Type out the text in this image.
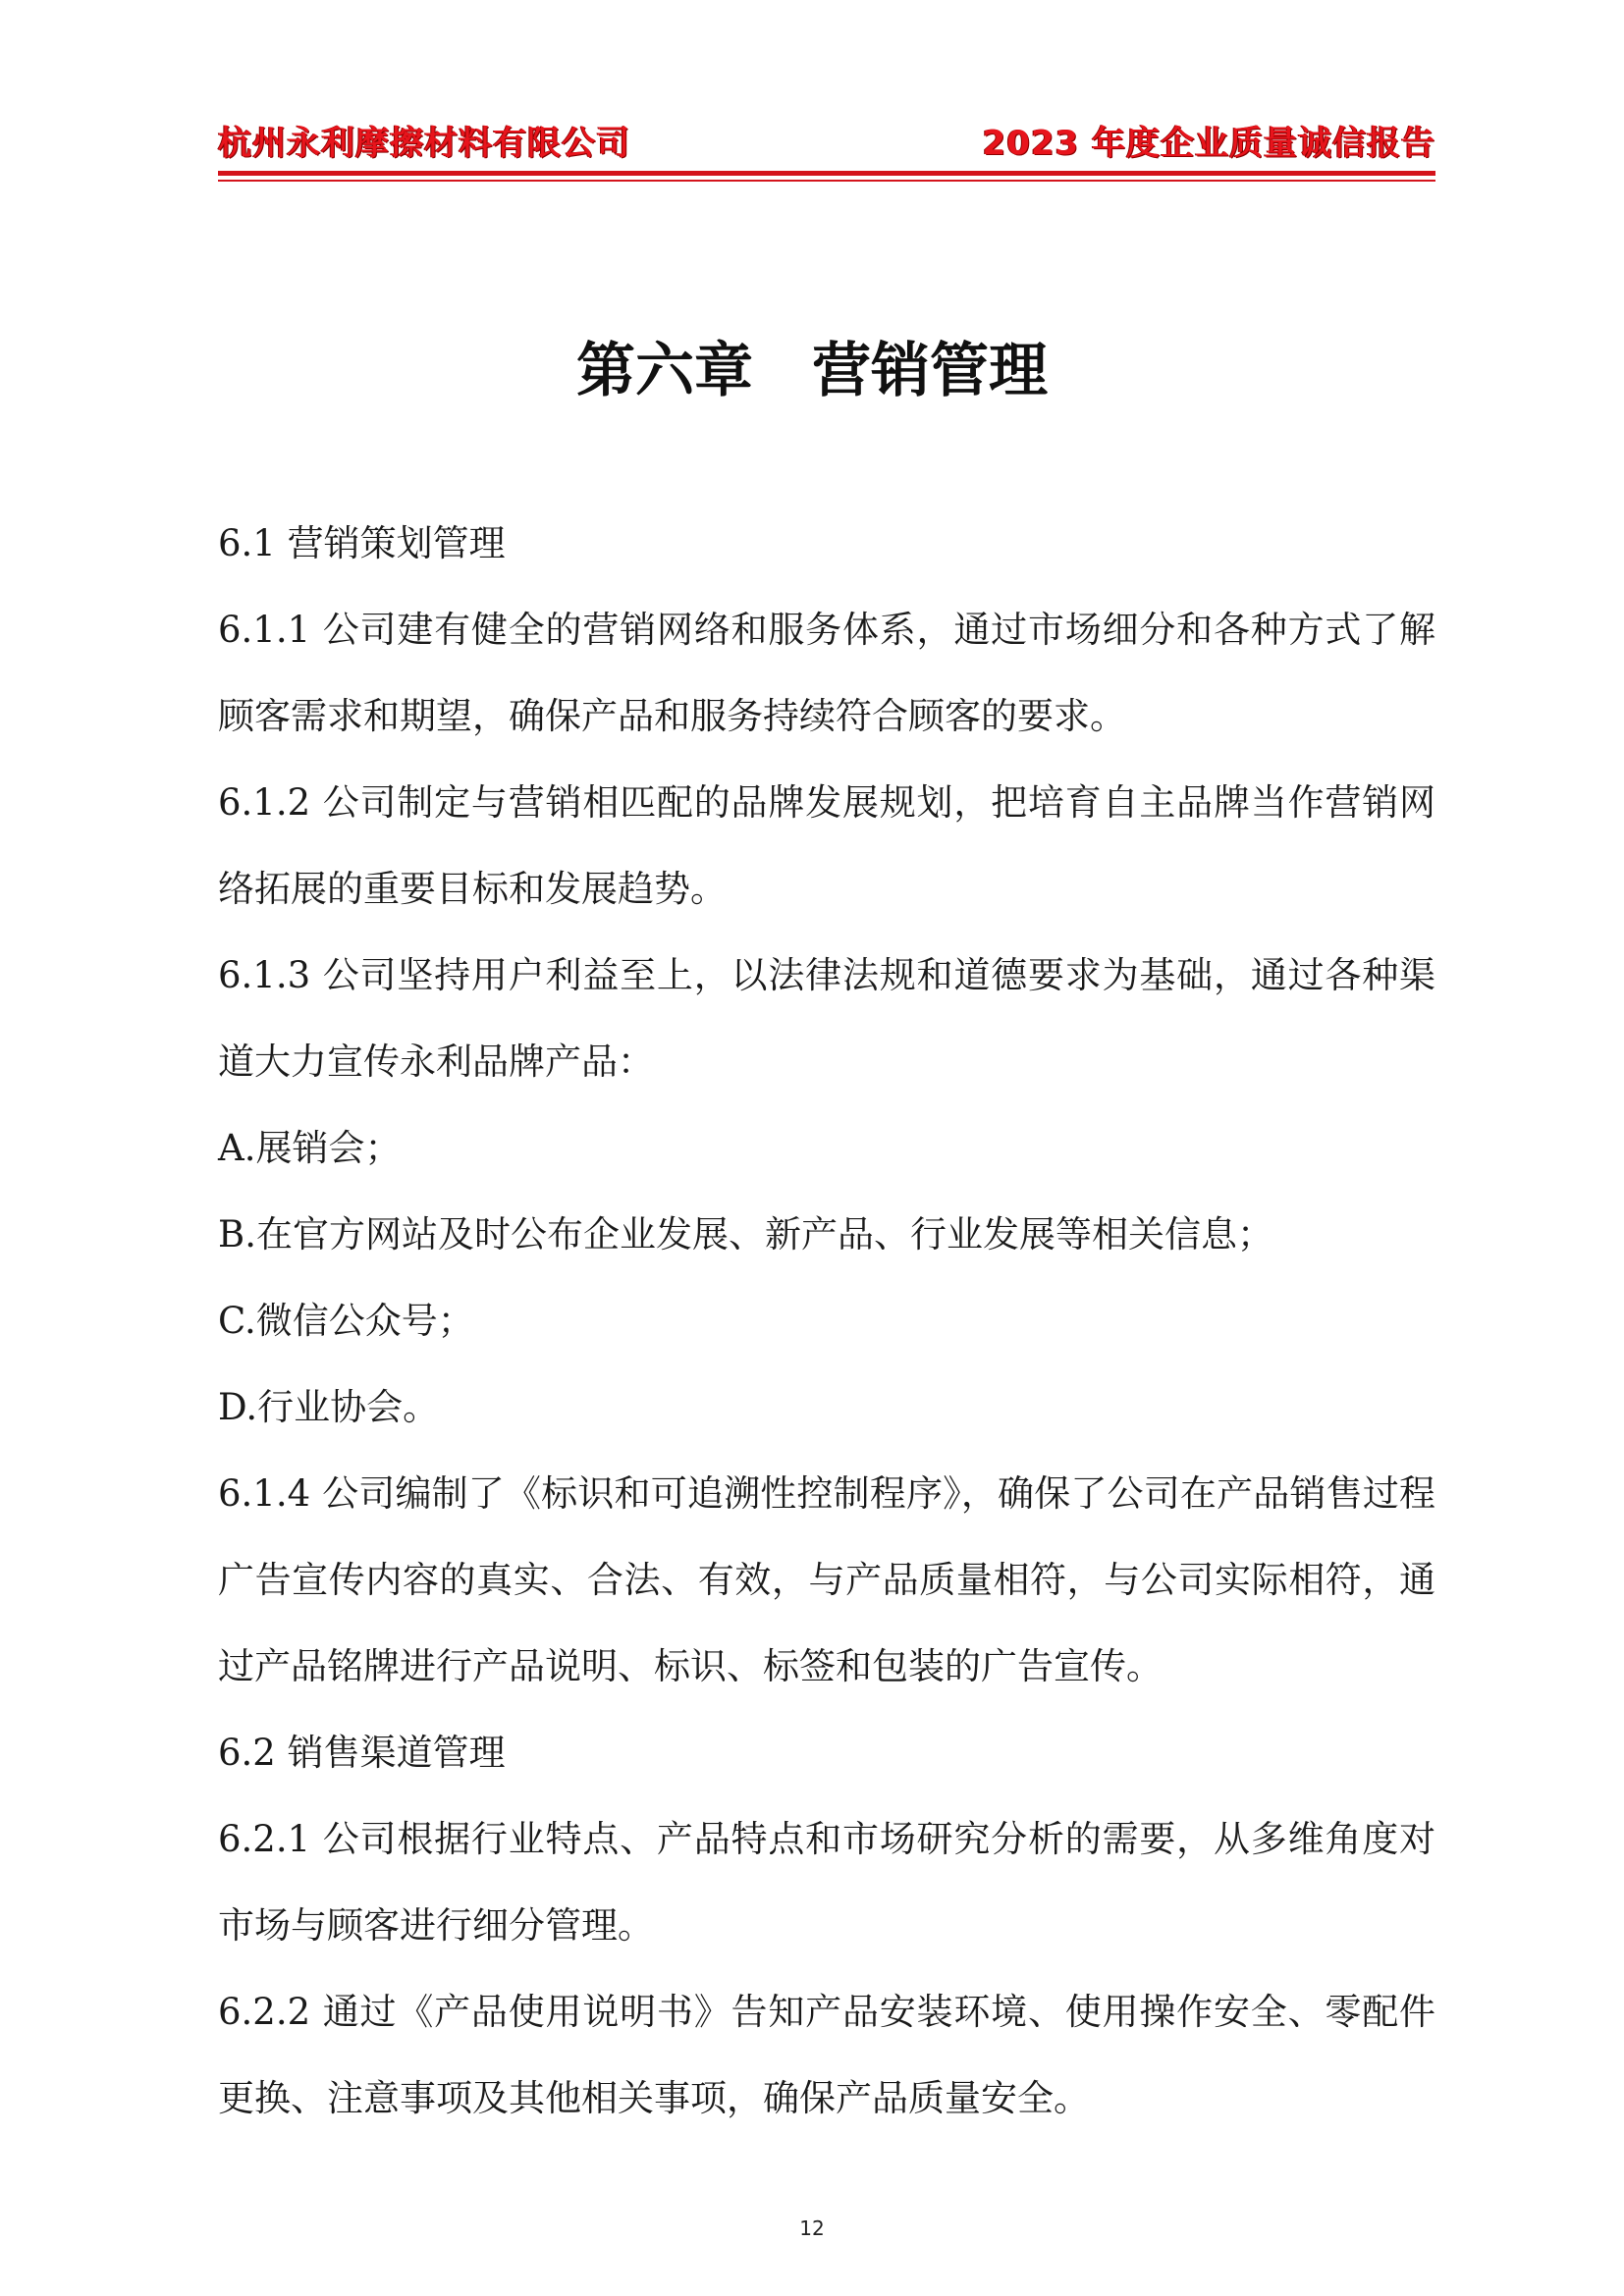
杭州永利摩擦材料有限公司	2023 年度企业质量诚信报告
第六章　营销管理

6.1 营销策划管理

6.1.1 公司建有健全的营销网络和服务体系，通过市场细分和各种方式了解顾客需求和期望，确保产品和服务持续符合顾客的要求。

6.1.2 公司制定与营销相匹配的品牌发展规划，把培育自主品牌当作营销网络拓展的重要目标和发展趋势。

6.1.3 公司坚持用户利益至上，以法律法规和道德要求为基础，通过各种渠道大力宣传永利品牌产品：

A.展销会；

B.在官方网站及时公布企业发展、新产品、行业发展等相关信息；

C.微信公众号；

D.行业协会。

6.1.4 公司编制了《标识和可追溯性控制程序》，确保了公司在产品销售过程广告宣传内容的真实、合法、有效，与产品质量相符，与公司实际相符，通过产品铭牌进行产品说明、标识、标签和包装的广告宣传。

6.2 销售渠道管理

6.2.1 公司根据行业特点、产品特点和市场研究分析的需要，从多维角度对市场与顾客进行细分管理。

6.2.2 通过《产品使用说明书》告知产品安装环境、使用操作安全、零配件更换、注意事项及其他相关事项，确保产品质量安全。

12
